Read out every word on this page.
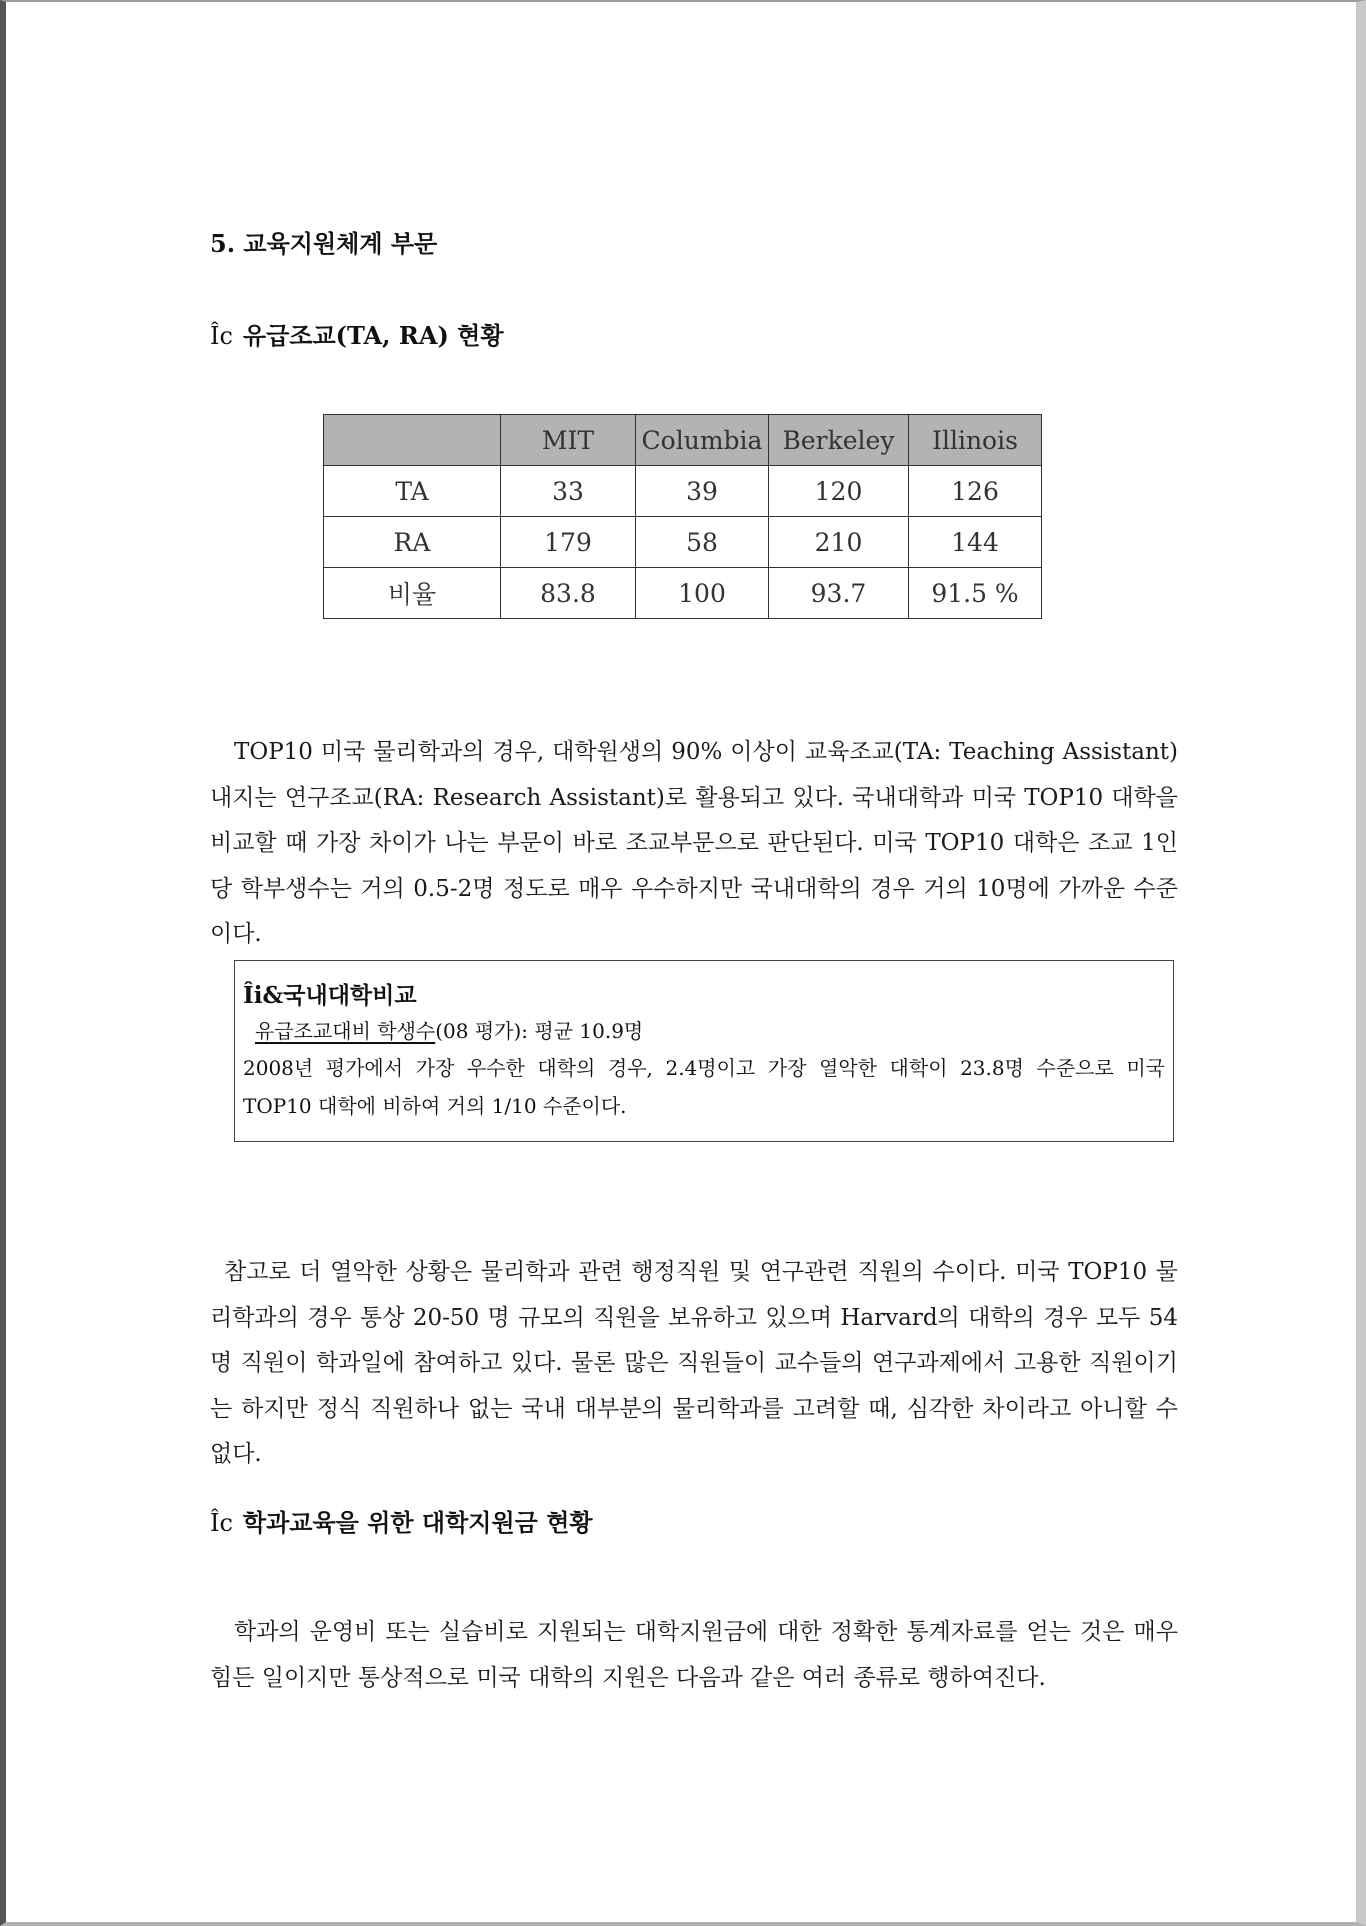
5. 교육지원체계 부문
Îc 유급조교(TA, RA) 현황
	MIT	Columbia	Berkeley	Illinois
TA	33	39	120	126
RA	179	58	210	144
비율	83.8	100	93.7	91.5 %

TOP10 미국 물리학과의 경우, 대학원생의 90% 이상이 교육조교(TA: Teaching Assistant) 내지는 연구조교(RA: Research Assistant)로 활용되고 있다. 국내대학과 미국 TOP10 대학을 비교할 때 가장 차이가 나는 부문이 바로 조교부문으로 판단된다. 미국 TOP10 대학은 조교 1인당 학부생수는 거의 0.5-2명 정도로 매우 우수하지만 국내대학의 경우 거의 10명에 가까운 수준이다.

Îi&국내대학비교
유급조교대비 학생수(08 평가): 평균 10.9명
2008년 평가에서 가장 우수한 대학의 경우, 2.4명이고 가장 열악한 대학이 23.8명 수준으로 미국 TOP10 대학에 비하여 거의 1/10 수준이다.

참고로 더 열악한 상황은 물리학과 관련 행정직원 및 연구관련 직원의 수이다. 미국 TOP10 물리학과의 경우 통상 20-50 명 규모의 직원을 보유하고 있으며 Harvard의 대학의 경우 모두 54명 직원이 학과일에 참여하고 있다. 물론 많은 직원들이 교수들의 연구과제에서 고용한 직원이기는 하지만 정식 직원하나 없는 국내 대부분의 물리학과를 고려할 때, 심각한 차이라고 아니할 수 없다.

Îc 학과교육을 위한 대학지원금 현황

학과의 운영비 또는 실습비로 지원되는 대학지원금에 대한 정확한 통계자료를 얻는 것은 매우 힘든 일이지만 통상적으로 미국 대학의 지원은 다음과 같은 여러 종류로 행하여진다.
